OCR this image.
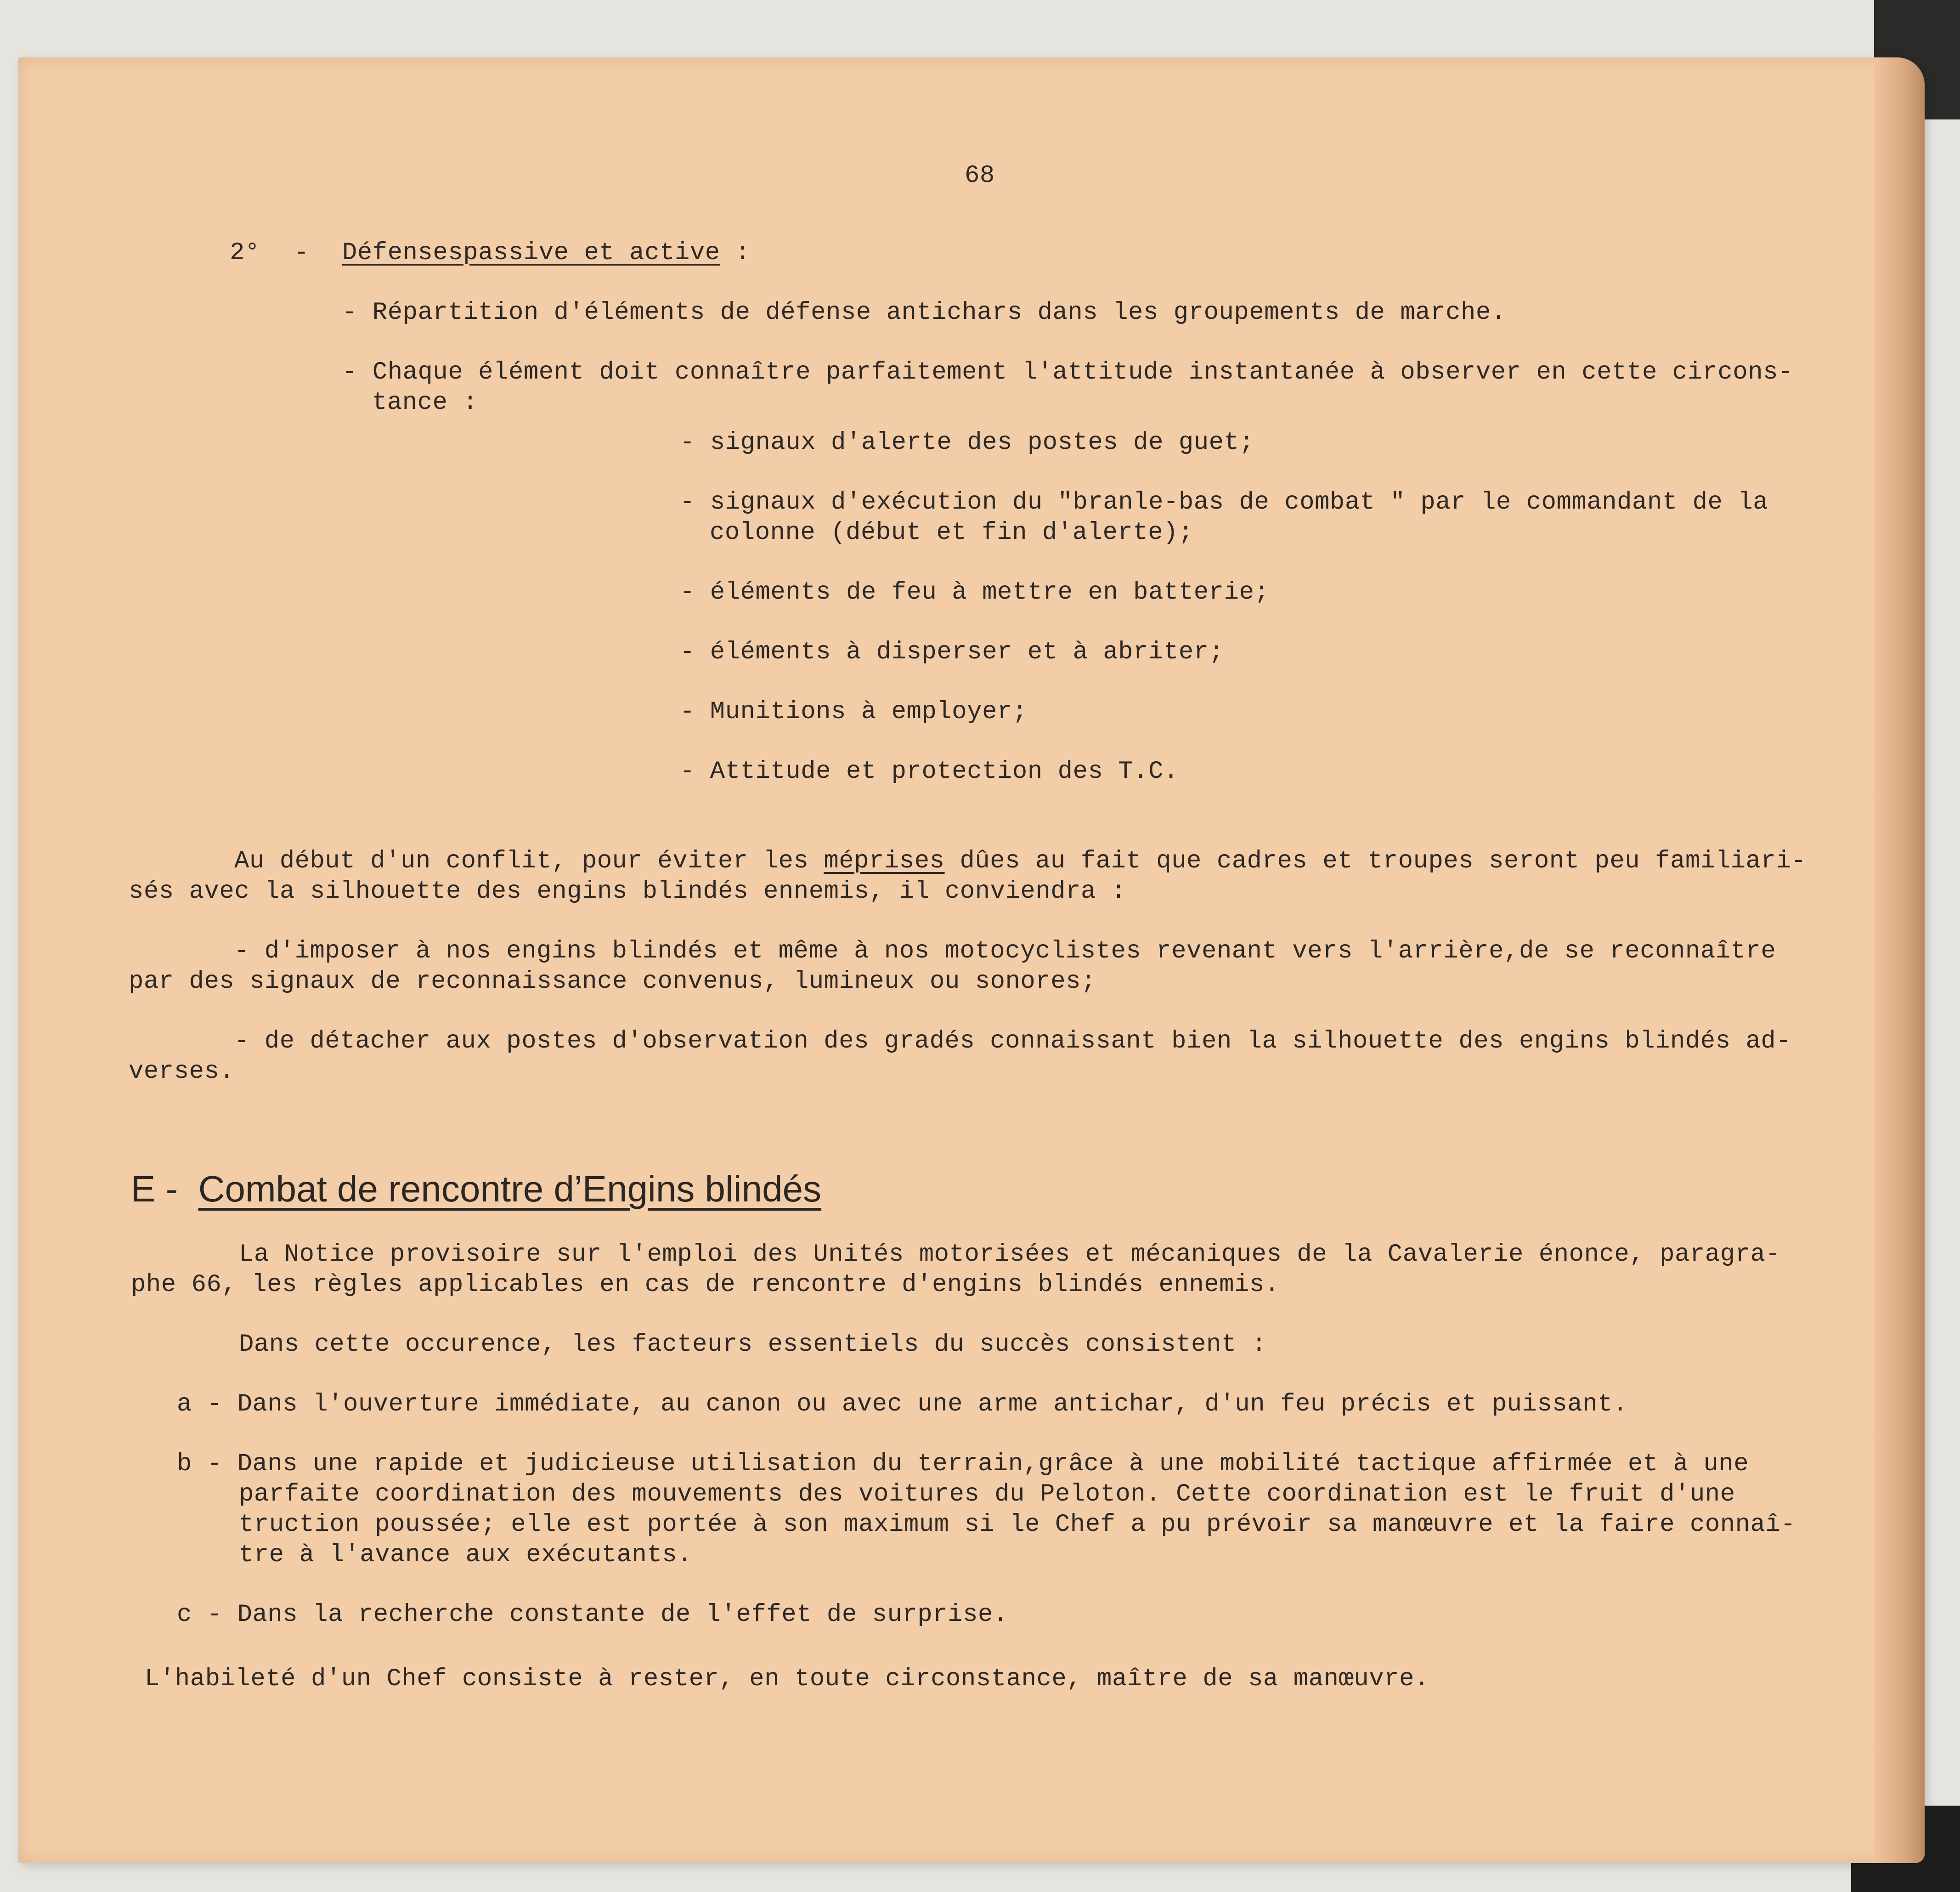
68

2° - Défensespassive et active :

- Répartition d'éléments de défense antichars dans les groupements de marche.

- Chaque élément doit connaître parfaitement l'attitude instantanée à observer en cette circons-

tance :

- signaux d'alerte des postes de guet;

- signaux d'exécution du "branle-bas de combat " par le commandant de la

colonne (début et fin d'alerte);

- éléments de feu à mettre en batterie;

- éléments à disperser et à abriter;

- Munitions à employer;

- Attitude et protection des T.C.

Au début d'un conflit, pour éviter les méprises dûes au fait que cadres et troupes seront peu familiari-

sés avec la silhouette des engins blindés ennemis, il conviendra :

- d'imposer à nos engins blindés et même à nos motocyclistes revenant vers l'arrière,de se reconnaître

par des signaux de reconnaissance convenus, lumineux ou sonores;

- de détacher aux postes d'observation des gradés connaissant bien la silhouette des engins blindés ad-

verses.

E - Combat de rencontre d’Engins blindés

La Notice provisoire sur l'emploi des Unités motorisées et mécaniques de la Cavalerie énonce, paragra-

phe 66, les règles applicables en cas de rencontre d'engins blindés ennemis.

Dans cette occurence, les facteurs essentiels du succès consistent :

a - Dans l'ouverture immédiate, au canon ou avec une arme antichar, d'un feu précis et puissant.

b - Dans une rapide et judicieuse utilisation du terrain,grâce à une mobilité tactique affirmée et à une

parfaite coordination des mouvements des voitures du Peloton. Cette coordination est le fruit d'une

truction poussée; elle est portée à son maximum si le Chef a pu prévoir sa manœuvre et la faire connaî-

tre à l'avance aux exécutants.

c - Dans la recherche constante de l'effet de surprise.

L'habileté d'un Chef consiste à rester, en toute circonstance, maître de sa manœuvre.
